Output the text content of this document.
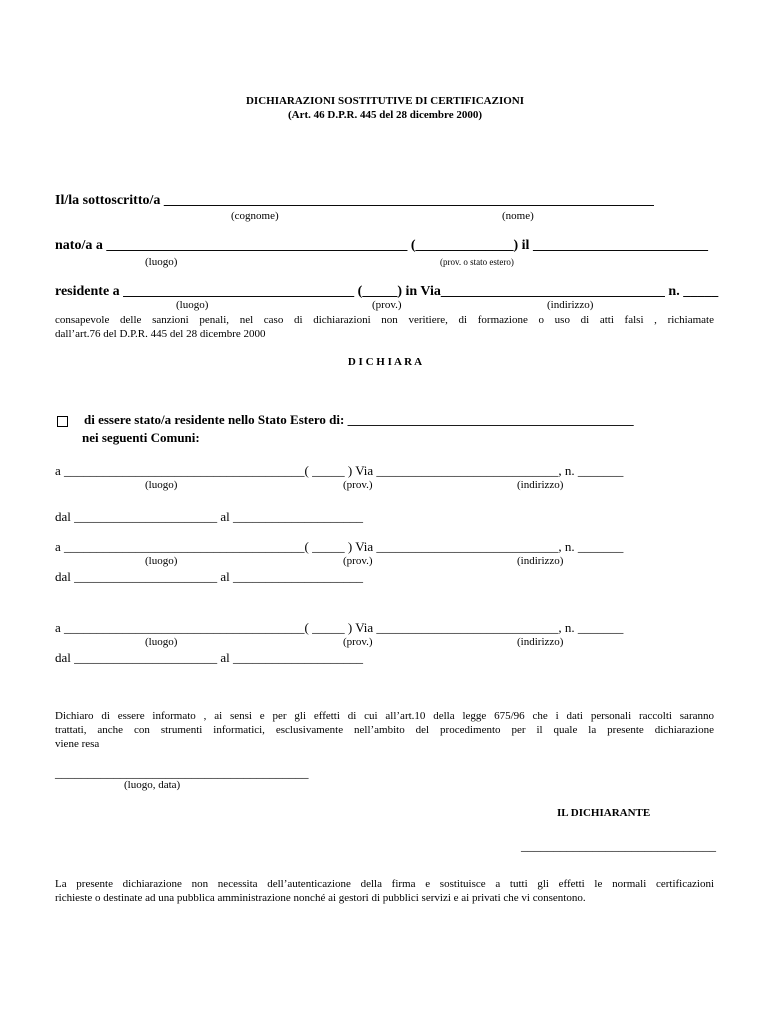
DICHIARAZIONI SOSTITUTIVE DI CERTIFICAZIONI
(Art. 46 D.P.R. 445 del 28 dicembre 2000)
Il/la sottoscritto/a ______________________________________________________________________
(cognome)	(nome)
nato/a a ___________________________________________ (______________) il _________________________
(luogo)	(prov. o stato estero)
residente a _________________________________ (_____) in Via________________________________ n. _____
(luogo)	(prov.)	(indirizzo)
consapevole delle sanzioni penali, nel caso di dichiarazioni non veritiere, di formazione o uso di atti falsi , richiamate
dall’art.76 del D.P.R. 445 del 28 dicembre 2000
D I C H I A R A
di essere stato/a residente nello Stato Estero di: ____________________________________________
nei seguenti Comuni:
a _____________________________________( _____ ) Via ____________________________, n. _______
(luogo)	(prov.)	(indirizzo)
dal ______________________ al ____________________
a _____________________________________( _____ ) Via ____________________________, n. _______
(luogo)	(prov.)	(indirizzo)
dal ______________________ al ____________________
a _____________________________________( _____ ) Via ____________________________, n. _______
(luogo)	(prov.)	(indirizzo)
dal ______________________ al ____________________
Dichiaro di essere informato , ai sensi e per gli effetti di cui all’art.10 della legge 675/96 che i dati personali raccolti saranno
trattati, anche con strumenti informatici, esclusivamente nell’ambito del procedimento per il quale la presente dichiarazione
viene resa
_______________________________________
(luogo, data)
IL DICHIARANTE
______________________________
La presente dichiarazione non necessita dell’autenticazione della firma e sostituisce a tutti gli effetti le normali certificazioni
richieste o destinate ad una pubblica amministrazione nonché ai gestori di pubblici servizi e ai privati che vi consentono.
